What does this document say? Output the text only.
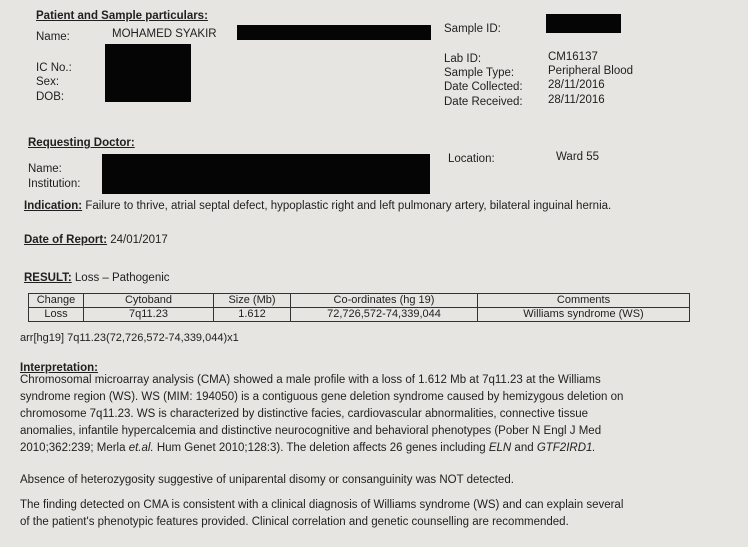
Patient and Sample particulars:
Name:	MOHAMED SYAKIR
IC No.:
Sex:
DOB:
Sample ID:
Lab ID:	CM16137
Sample Type:	Peripheral Blood
Date Collected: 28/11/2016
Date Received: 28/11/2016
Requesting Doctor:
Name:
Institution:
Location:	Ward 55
Indication: Failure to thrive, atrial septal defect, hypoplastic right and left pulmonary artery, bilateral inguinal hernia.
Date of Report: 24/01/2017
RESULT: Loss – Pathogenic
Change	Cytoband	Size (Mb)	Co-ordinates (hg 19)	Comments
Loss	7q11.23	1.612	72,726,572-74,339,044	Williams syndrome (WS)
arr[hg19] 7q11.23(72,726,572-74,339,044)x1
Interpretation:
Chromosomal microarray analysis (CMA) showed a male profile with a loss of 1.612 Mb at 7q11.23 at the Williams
syndrome region (WS). WS (MIM: 194050) is a contiguous gene deletion syndrome caused by hemizygous deletion on
chromosome 7q11.23. WS is characterized by distinctive facies, cardiovascular abnormalities, connective tissue
anomalies, infantile hypercalcemia and distinctive neurocognitive and behavioral phenotypes (Pober N Engl J Med
2010;362:239; Merla et.al. Hum Genet 2010;128:3). The deletion affects 26 genes including ELN and GTF2IRD1.
Absence of heterozygosity suggestive of uniparental disomy or consanguinity was NOT detected.
The finding detected on CMA is consistent with a clinical diagnosis of Williams syndrome (WS) and can explain several
of the patient's phenotypic features provided. Clinical correlation and genetic counselling are recommended.
